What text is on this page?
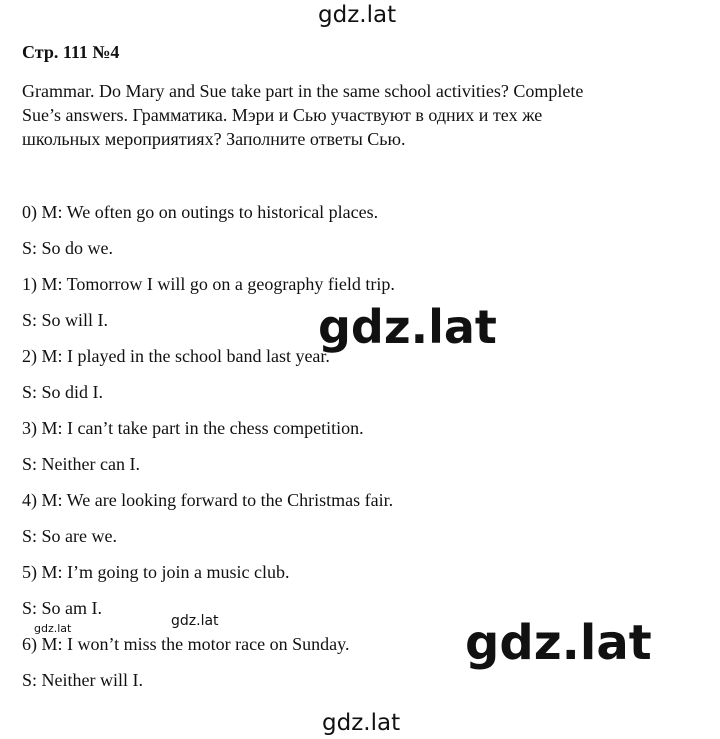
gdz.lat
Стр. 111 №4
Grammar. Do Mary and Sue take part in the same school activities? Complete
Sue’s answers. Грамматика. Мэри и Сью участвуют в одних и тех же
школьных мероприятиях? Заполните ответы Сью.
0) M: We often go on outings to historical places.
S: So do we.
1) M: Tomorrow I will go on a geography field trip.
S: So will I.
2) M: I played in the school band last year.
S: So did I.
3) M: I can’t take part in the chess competition.
S: Neither can I.
4) M: We are looking forward to the Christmas fair.
S: So are we.
5) M: I’m going to join a music club.
S: So am I.
6) M: I won’t miss the motor race on Sunday.
S: Neither will I.
gdz.lat
gdz.lat
gdz.lat	gdz.lat
gdz.lat
